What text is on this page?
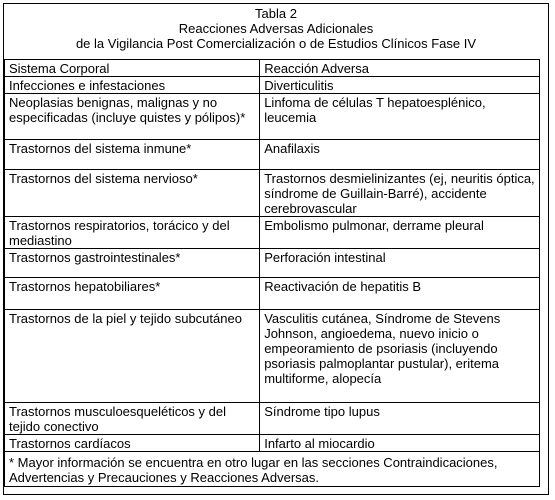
Tabla 2
Reacciones Adversas Adicionales
de la Vigilancia Post Comercialización o de Estudios Clínicos Fase IV
Sistema Corporal	Reacción Adversa
Infecciones e infestaciones	Diverticulitis
Neoplasias benignas, malignas y no especificadas (incluye quistes y pólipos)*	Linfoma de células T hepatoesplénico, leucemia
Trastornos del sistema inmune*	Anafilaxis
Trastornos del sistema nervioso*	Trastornos desmielinizantes (ej, neuritis óptica, síndrome de Guillain-Barré), accidente cerebrovascular
Trastornos respiratorios, torácico y del mediastino	Embolismo pulmonar, derrame pleural
Trastornos gastrointestinales*	Perforación intestinal
Trastornos hepatobiliares*	Reactivación de hepatitis B
Trastornos de la piel y tejido subcutáneo	Vasculitis cutánea, Síndrome de Stevens Johnson, angioedema, nuevo inicio o empeoramiento de psoriasis (incluyendo psoriasis palmoplantar pustular), eritema multiforme, alopecía
Trastornos musculoesqueléticos y del tejido conectivo	Síndrome tipo lupus
Trastornos cardíacos	Infarto al miocardio
* Mayor información se encuentra en otro lugar en las secciones Contraindicaciones, Advertencias y Precauciones y Reacciones Adversas.	
